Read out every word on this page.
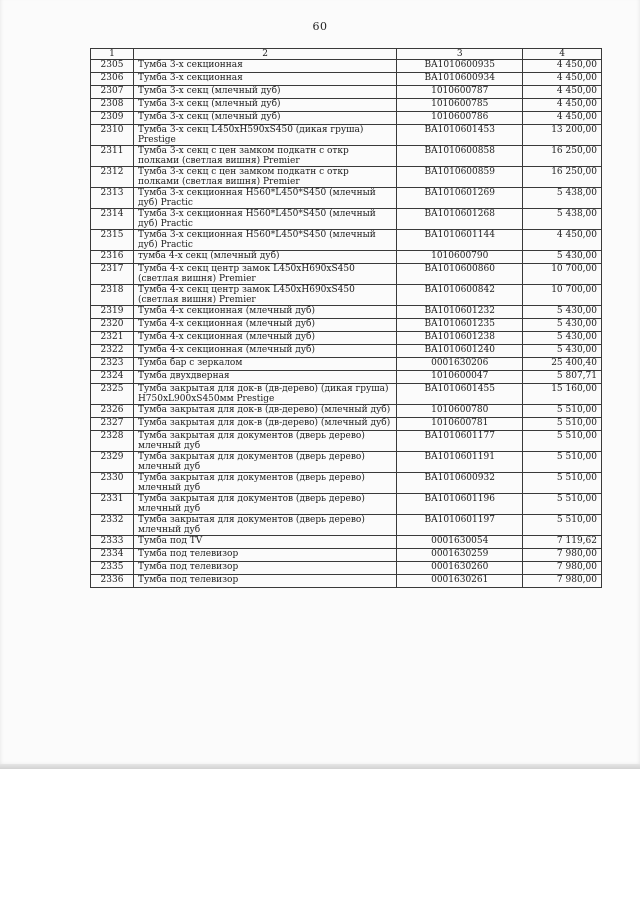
60
1	2	3	4
2305	Тумба 3-х секционная	BA1010600935	4 450,00
2306	Тумба 3-х секционная	BA1010600934	4 450,00
2307	Тумба 3-х секц (млечный дуб)	1010600787	4 450,00
2308	Тумба 3-х секц (млечный дуб)	1010600785	4 450,00
2309	Тумба 3-х секц (млечный дуб)	1010600786	4 450,00
2310	Тумба 3-х секц L450xH590xS450 (дикая груша) Prestige	BA1010601453	13 200,00
2311	Тумба 3-х секц с цен замком подкатн с откр полками (светлая вишня) Premier	BA1010600858	16 250,00
2312	Тумба 3-х секц с цен замком подкатн с откр полками (светлая вишня) Premier	BA1010600859	16 250,00
2313	Тумба 3-х секционная H560*L450*S450 (млечный дуб) Practic	BA1010601269	5 438,00
2314	Тумба 3-х секционная H560*L450*S450 (млечный дуб) Practic	BA1010601268	5 438,00
2315	Тумба 3-х секционная H560*L450*S450 (млечный дуб) Practic	BA1010601144	4 450,00
2316	тумба 4-х секц (млечный дуб)	1010600790	5 430,00
2317	Тумба 4-х секц центр замок L450xH690xS450 (светлая вишня) Premier	BA1010600860	10 700,00
2318	Тумба 4-х секц центр замок L450xH690xS450 (светлая вишня) Premier	BA1010600842	10 700,00
2319	Тумба 4-х секционная (млечный дуб)	BA1010601232	5 430,00
2320	Тумба 4-х секционная (млечный дуб)	BA1010601235	5 430,00
2321	Тумба 4-х секционная (млечный дуб)	BA1010601238	5 430,00
2322	Тумба 4-х секционная (млечный дуб)	BA1010601240	5 430,00
2323	Тумба бар с зеркалом	0001630206	25 400,40
2324	Тумба двухдверная	1010600047	5 807,71
2325	Тумба закрытая для док-в (дв-дерево) (дикая груша) H750xL900xS450мм Prestige	BA1010601455	15 160,00
2326	Тумба закрытая для док-в (дв-дерево) (млечный дуб)	1010600780	5 510,00
2327	Тумба закрытая для док-в (дв-дерево) (млечный дуб)	1010600781	5 510,00
2328	Тумба закрытая для документов (дверь дерево) млечный дуб	BA1010601177	5 510,00
2329	Тумба закрытая для документов (дверь дерево) млечный дуб	BA1010601191	5 510,00
2330	Тумба закрытая для документов (дверь дерево) млечный дуб	BA1010600932	5 510,00
2331	Тумба закрытая для документов (дверь дерево) млечный дуб	BA1010601196	5 510,00
2332	Тумба закрытая для документов (дверь дерево) млечный дуб	BA1010601197	5 510,00
2333	Тумба под TV	0001630054	7 119,62
2334	Тумба под телевизор	0001630259	7 980,00
2335	Тумба под телевизор	0001630260	7 980,00
2336	Тумба под телевизор	0001630261	7 980,00
